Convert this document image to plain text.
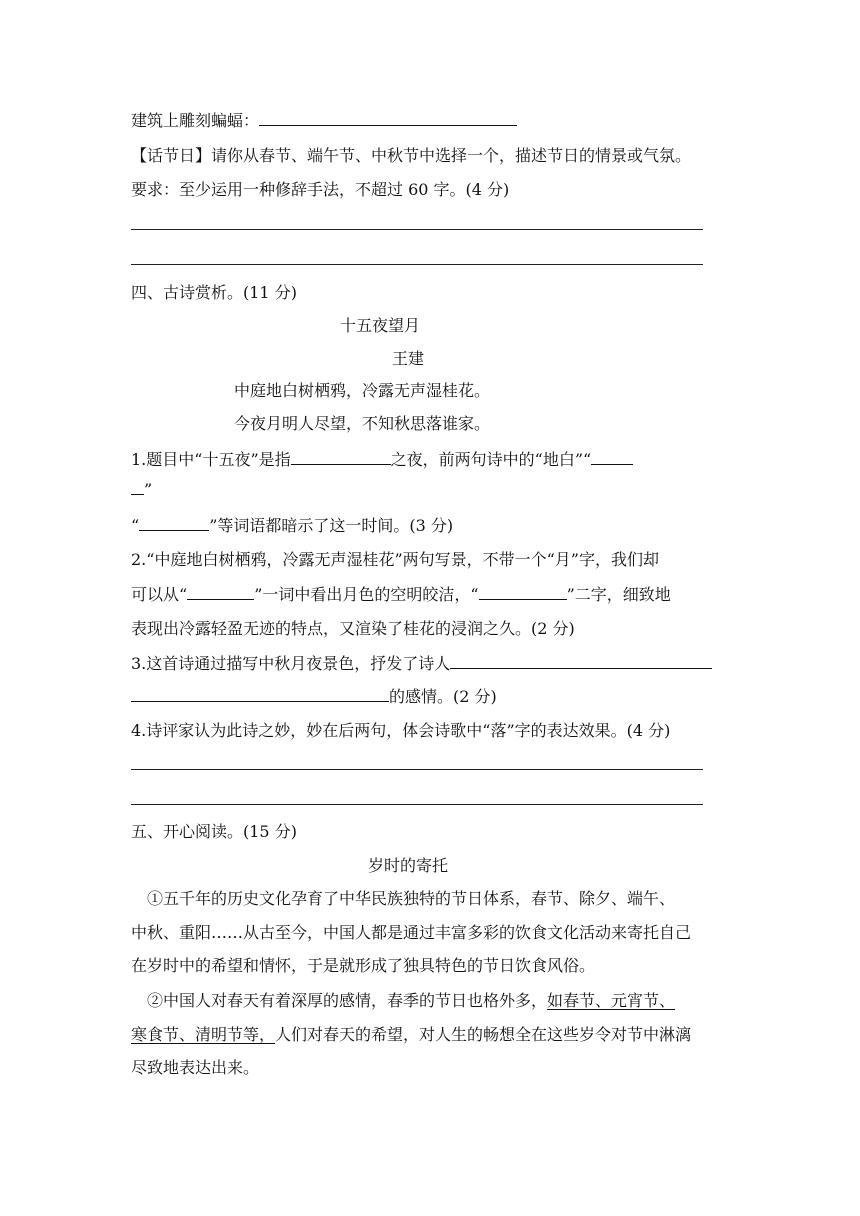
建筑上雕刻蝙蝠：
【话节日】请你从春节、端午节、中秋节中选择一个，描述节日的情景或气氛。
要求：至少运用一种修辞手法，不超过 60 字。(4 分)
四、古诗赏析。(11 分)
十五夜望月
王建
中庭地白树栖鸦，冷露无声湿桂花。
今夜月明人尽望，不知秋思落谁家。
1.题目中“十五夜”是指	之夜，前两句诗中的“地白”“
”
“	”等词语都暗示了这一时间。(3 分)
2.“中庭地白树栖鸦，冷露无声湿桂花”两句写景，不带一个“月”字，我们却
可以从“	”一词中看出月色的空明皎洁，“	”二字，细致地
表现出冷露轻盈无迹的特点，又渲染了桂花的浸润之久。(2 分)
3.这首诗通过描写中秋月夜景色，抒发了诗人
的感情。(2 分)
4.诗评家认为此诗之妙，妙在后两句，体会诗歌中“落”字的表达效果。(4 分)
五、开心阅读。(15 分)
岁时的寄托
①五千年的历史文化孕育了中华民族独特的节日体系，春节、除夕、端午、
中秋、重阳……从古至今，中国人都是通过丰富多彩的饮食文化活动来寄托自己
在岁时中的希望和情怀，于是就形成了独具特色的节日饮食风俗。
②中国人对春天有着深厚的感情，春季的节日也格外多，如春节、元宵节、
寒食节、清明节等，人们对春天的希望，对人生的畅想全在这些岁令对节中淋漓
尽致地表达出来。
